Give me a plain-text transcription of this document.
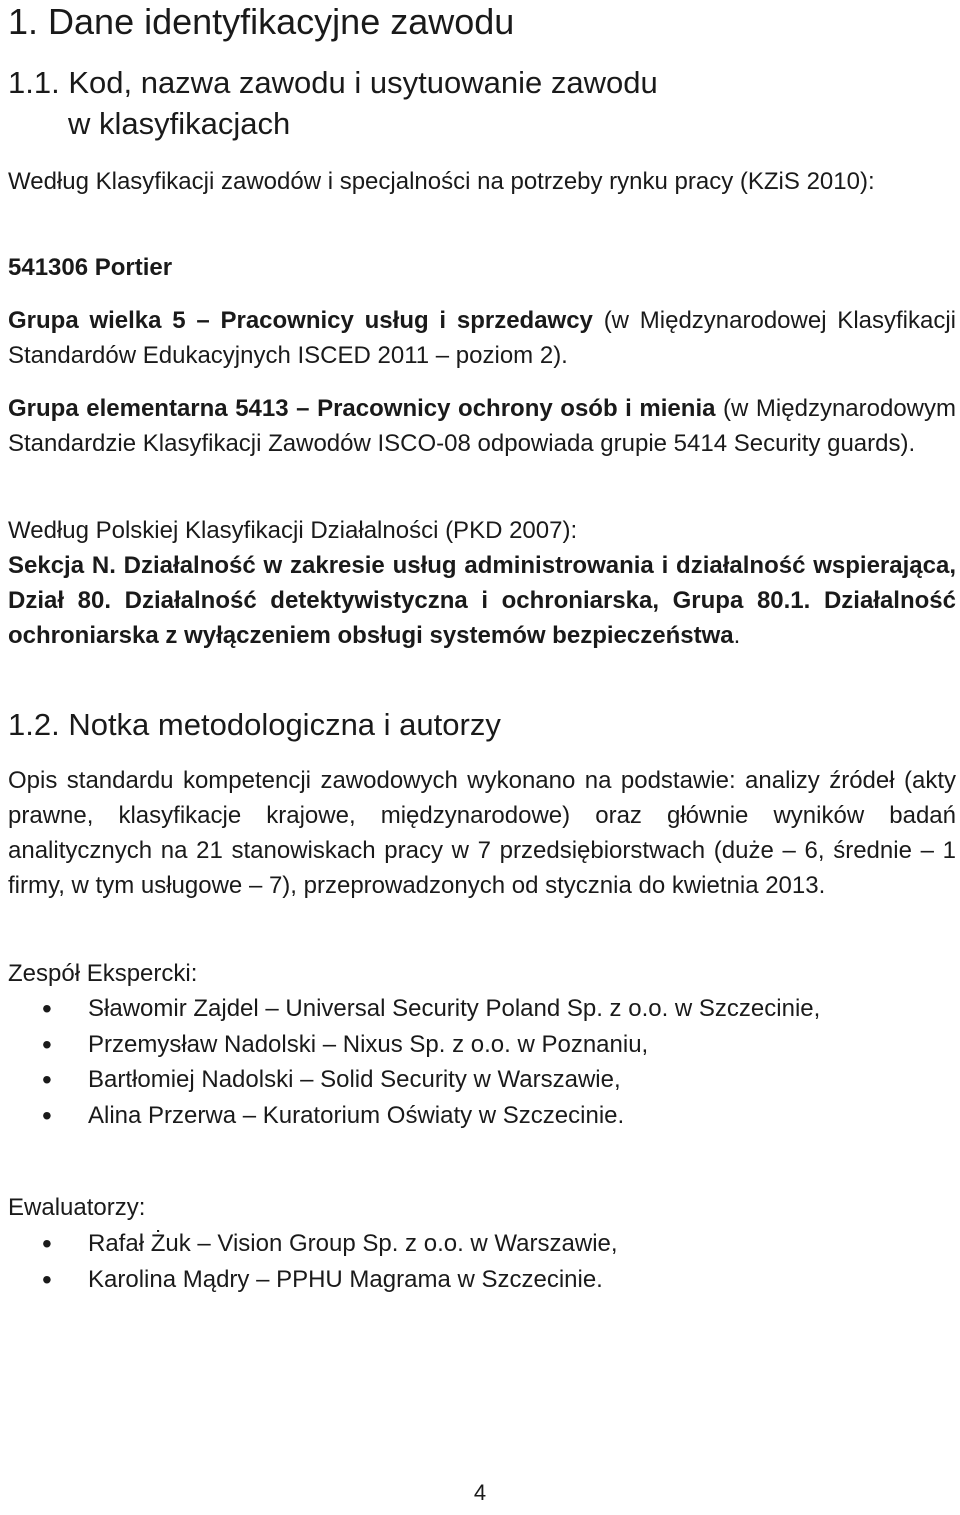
1. Dane identyfikacyjne zawodu
1.1. Kod, nazwa zawodu i usytuowanie zawodu
w klasyfikacjach

Według Klasyfikacji zawodów i specjalności na potrzeby rynku pracy (KZiS 2010):

541306 Portier

Grupa wielka 5 – Pracownicy usług i sprzedawcy (w Międzynarodowej Klasyfikacji Standardów Edukacyjnych ISCED 2011 – poziom 2).

Grupa elementarna 5413 – Pracownicy ochrony osób i mienia (w Międzynarodowym Standardzie Klasyfikacji Zawodów ISCO-08 odpowiada grupie 5414 Security guards).

Według Polskiej Klasyfikacji Działalności (PKD 2007):

Sekcja N. Działalność w zakresie usług administrowania i działalność wspierająca, Dział 80. Działalność detektywistyczna i ochroniarska, Grupa 80.1. Działalność ochroniarska z wyłączeniem obsługi systemów bezpieczeństwa.

1.2. Notka metodologiczna i autorzy

Opis standardu kompetencji zawodowych wykonano na podstawie: analizy źródeł (akty prawne, klasyfikacje krajowe, międzynarodowe) oraz głównie wyników badań analitycznych na 21 stanowiskach pracy w 7 przedsiębiorstwach (duże – 6, średnie – 1 firmy, w tym usługowe – 7), przeprowadzonych od stycznia do kwietnia 2013.

Zespół Ekspercki:

• Sławomir Zajdel – Universal Security Poland Sp. z o.o. w Szczecinie,
• Przemysław Nadolski – Nixus Sp. z o.o. w Poznaniu,
• Bartłomiej Nadolski – Solid Security w Warszawie,
• Alina Przerwa – Kuratorium Oświaty w Szczecinie.

Ewaluatorzy:

• Rafał Żuk – Vision Group Sp. z o.o. w Warszawie,
• Karolina Mądry – PPHU Magrama w Szczecinie.
4
